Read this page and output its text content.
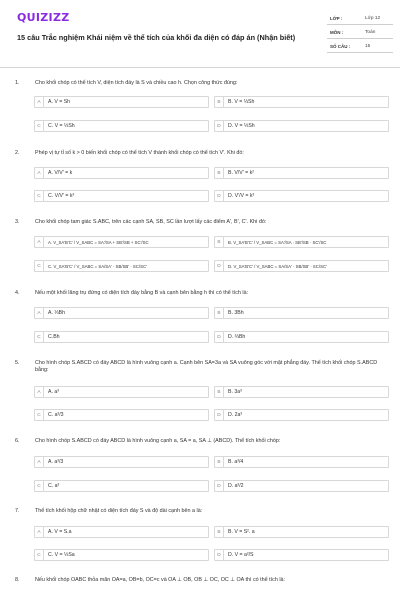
QUIZIZZ
15 câu Trắc nghiệm Khái niệm về thể tích của khối đa diện có đáp án (Nhận biết)
LỚP :	Lớp 12
MÔN :	Toán
SỐ CÂU :	15
1.	Cho khối chóp có thể tích V, diện tích đáy là S và chiều cao h. Chọn công thức đúng:
A	A. V = Sh	B	B. V = ⅓Sh
C	C. V = ⅓Sh	D	D. V = ⅓Sh
2.	Phép vị tự tỉ số k > 0 biến khối chóp có thể tích V thành khối chóp có thể tích V'. Khi đó:
A	A. V/V' = k	B	B. V/V' = k²
C	C. V/V' = k³	D	D. V'/V = k³
3.	Cho khối chóp tam giác S.ABC, trên các cạnh SA, SB, SC lần lượt lấy các điểm A', B', C'. Khi đó:
A	A. V_SA'B'C' / V_SABC = SA'/SA + SB'/SB + SC'/SC	B	B. V_SA'B'C' / V_SABC = SA'/SA · SB'/SB · SC'/SC
C	C. V_SA'B'C' / V_SABC = SA/SA' · SB/SB' · SC/SC'	D	D. V_SA'B'C' / V_SABC = SA/SA' · SB/SB' · SC/SC'
4.	Nếu một khối lăng trụ đứng có diện tích đáy bằng B và cạnh bên bằng h thì có thể tích là:
A	A. ⅓Bh	B	B. 3Bh
C	C.Bh	D	D. ⅔Bh
5.	Cho hình chóp S.ABCD có đáy ABCD là hình vuông cạnh a. Cạnh bên SA=3a và SA vuông góc với mặt phẳng đáy. Thể tích khối chóp S.ABCD bằng:
A	A. a³	B	B. 3a³
C	C. a³/3	D	D. 2a³
6.	Cho hình chóp S.ABCD có đáy ABCD là hình vuông cạnh a, SA = a, SA ⊥ (ABCD). Thể tích khối chóp:
A	A. a³/3	B	B. a³/4
C	C. a³	D	D. a³/2
7.	Thể tích khối hộp chữ nhật có diện tích đáy S và độ dài cạnh bên a là:
A	A. V = S.a	B	B. V = S². a
C	C. V = ⅓Sa	D	D. V = a²/S
8.	Nếu khối chóp OABC thỏa mãn OA=a, OB=b, OC=c và OA ⊥ OB, OB ⊥ OC, OC ⊥ OA thì có thể tích là:
